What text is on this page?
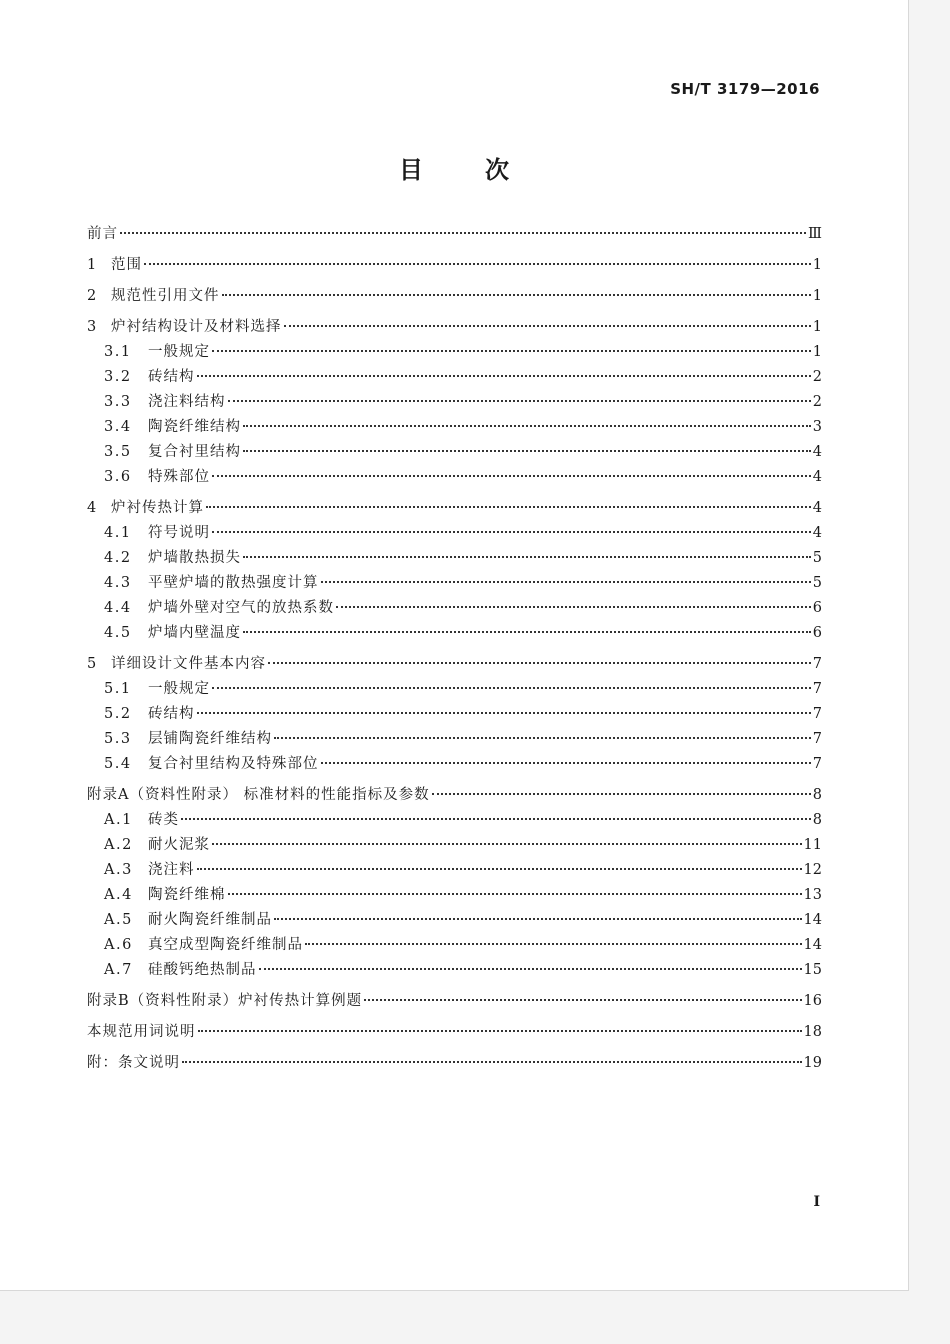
SH/T 3179—2016
目	次
前言	Ⅲ
1	范围	1
2	规范性引用文件	1
3	炉衬结构设计及材料选择	1
3.1	一般规定	1
3.2	砖结构	2
3.3	浇注料结构	2
3.4	陶瓷纤维结构	3
3.5	复合衬里结构	4
3.6	特殊部位	4
4	炉衬传热计算	4
4.1	符号说明	4
4.2	炉墙散热损失	5
4.3	平壁炉墙的散热强度计算	5
4.4	炉墙外壁对空气的放热系数	6
4.5	炉墙内壁温度	6
5	详细设计文件基本内容	7
5.1	一般规定	7
5.2	砖结构	7
5.3	层铺陶瓷纤维结构	7
5.4	复合衬里结构及特殊部位	7
附录A（资料性附录） 标准材料的性能指标及参数	8
A.1	砖类	8
A.2	耐火泥浆	11
A.3	浇注料	12
A.4	陶瓷纤维棉	13
A.5	耐火陶瓷纤维制品	14
A.6	真空成型陶瓷纤维制品	14
A.7	硅酸钙绝热制品	15
附录B（资料性附录）炉衬传热计算例题	16
本规范用词说明	18
附：条文说明	19
I
